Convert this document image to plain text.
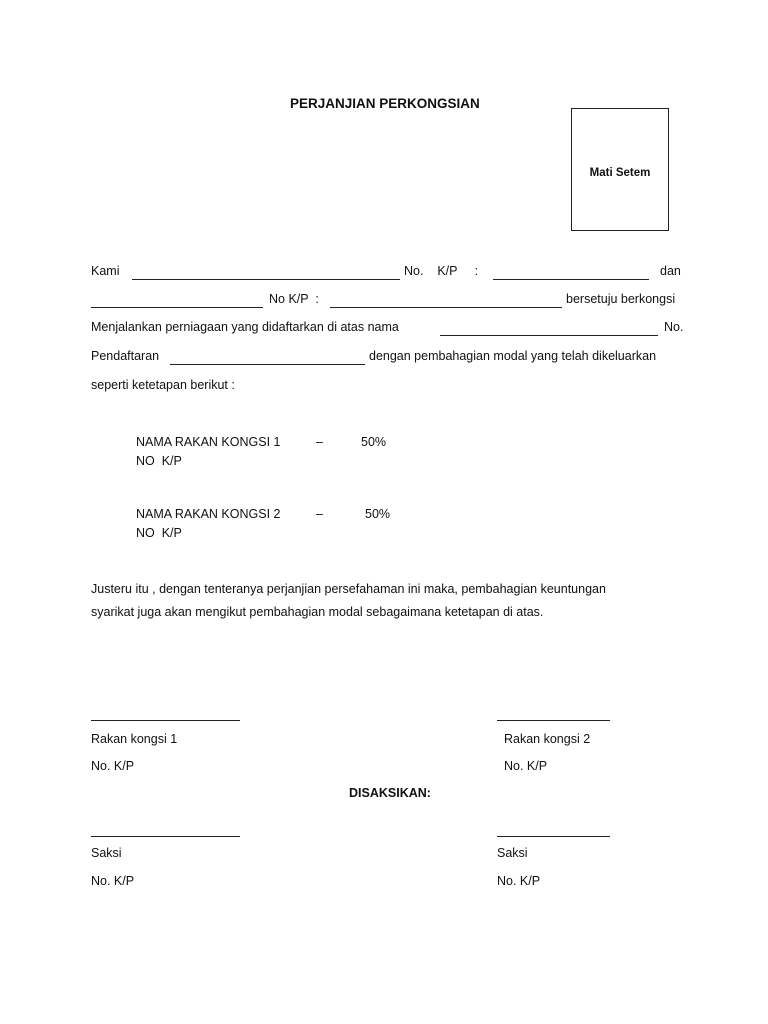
PERJANJIAN PERKONGSIAN
Mati Setem
Kami	No.    K/P     :	dan
No K/P  :	bersetuju berkongsi
Menjalankan perniagaan yang didaftarkan di atas nama	No.
Pendaftaran	dengan pembahagian modal yang telah dikeluarkan
seperti ketetapan berikut :
NAMA RAKAN KONGSI 1	–	50%
NO  K/P
NAMA RAKAN KONGSI 2	–	50%
NO  K/P
Justeru itu , dengan tenteranya perjanjian persefahaman ini maka, pembahagian keuntungan
syarikat juga akan mengikut pembahagian modal sebagaimana ketetapan di atas.
Rakan kongsi 1	Rakan kongsi 2
No. K/P	No. K/P
DISAKSIKAN:
Saksi	Saksi
No. K/P	No. K/P
